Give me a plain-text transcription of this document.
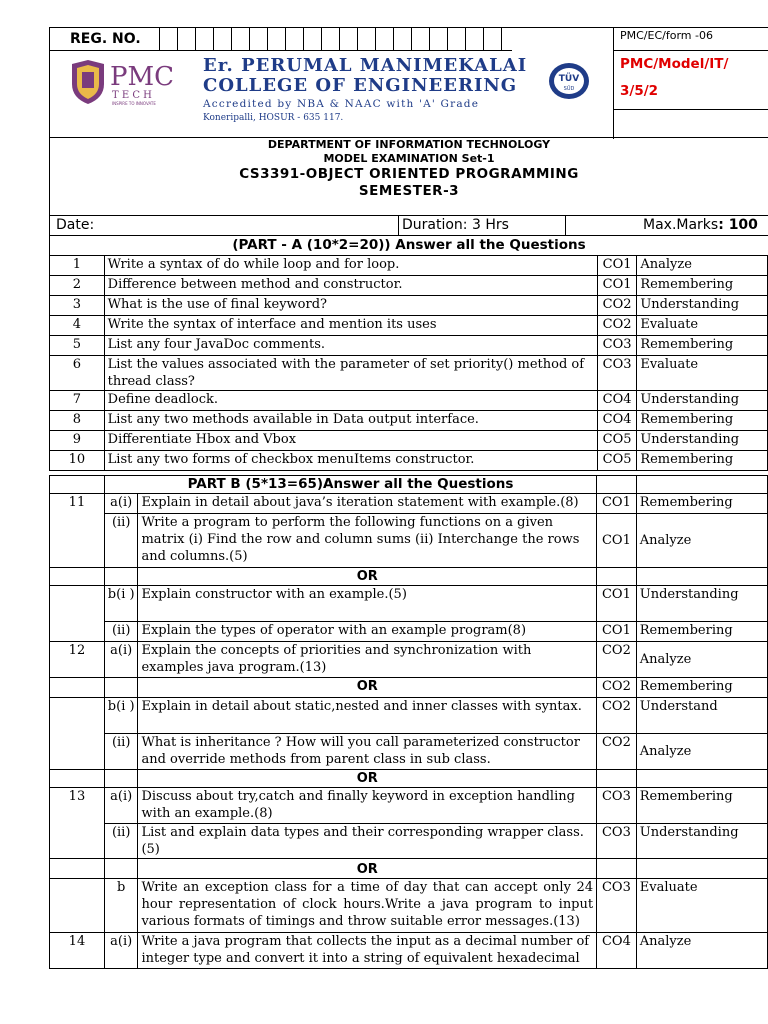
REG. NO.
PMC
T E C H
INSPIRE TO INNOVATE
Er. PERUMAL MANIMEKALAI
COLLEGE OF ENGINEERING
Accredited by NBA & NAAC with 'A' Grade
Koneripalli, HOSUR - 635 117.
TÜV
SÜD
PMC/EC/form -06
PMC/Model/IT/
3/5/2
DEPARTMENT OF INFORMATION TECHNOLOGY
MODEL EXAMINATION Set-1
CS3391-OBJECT ORIENTED PROGRAMMING
SEMESTER-3
Date:	Duration: 3 Hrs	Max.Marks: 100
(PART - A (10*2=20)) Answer all the Questions
1	Write a syntax of do while loop and for loop.	CO1	Analyze
2	Difference between method and constructor.	CO1	Remembering
3	What is the use of final keyword?	CO2	Understanding
4	Write the syntax of interface and mention its uses	CO2	Evaluate
5	List any four JavaDoc comments.	CO3	Remembering
6	List the values associated with the parameter of set priority() method of thread class?	CO3	Evaluate
7	Define deadlock.	CO4	Understanding
8	List any two methods available in Data output interface.	CO4	Remembering
9	Differentiate Hbox and Vbox	CO5	Understanding
10	List any two forms of checkbox menuItems constructor.	CO5	Remembering
	PART B (5*13=65)Answer all the Questions			
11	a(i)	Explain in detail about java’s iteration statement with example.(8)	CO1	Remembering
	(ii)	Write a program to perform the following functions on a given matrix (i) Find the row and column sums (ii) Interchange the rows and columns.(5)	CO1	Analyze
		OR		
	b(i )	Explain constructor with an example.(5)	CO1	Understanding
	(ii)	Explain the types of operator with an example program(8)	CO1	Remembering
12	a(i)	Explain the concepts of priorities and synchronization with examples java program.(13)	CO2	Analyze
		OR	CO2	Remembering
	b(i )	Explain in detail about static,nested and inner classes with syntax.	CO2	Understand
	(ii)	What is inheritance ? How will you call parameterized constructor and override methods from parent class in sub class.	CO2	Analyze
		OR		
13	a(i)	Discuss about try,catch and finally keyword in exception handling with an example.(8)	CO3	Remembering
	(ii)	List and explain data types and their corresponding wrapper class.(5)	CO3	Understanding
		OR		
	b	Write an exception class for a time of day that can accept only 24 hour representation of clock hours.Write a java program to input various formats of timings and throw suitable error messages.(13)	CO3	Evaluate
14	a(i)	Write a java program that collects the input as a decimal number of integer type and convert it into a string of equivalent hexadecimal	CO4	Analyze
